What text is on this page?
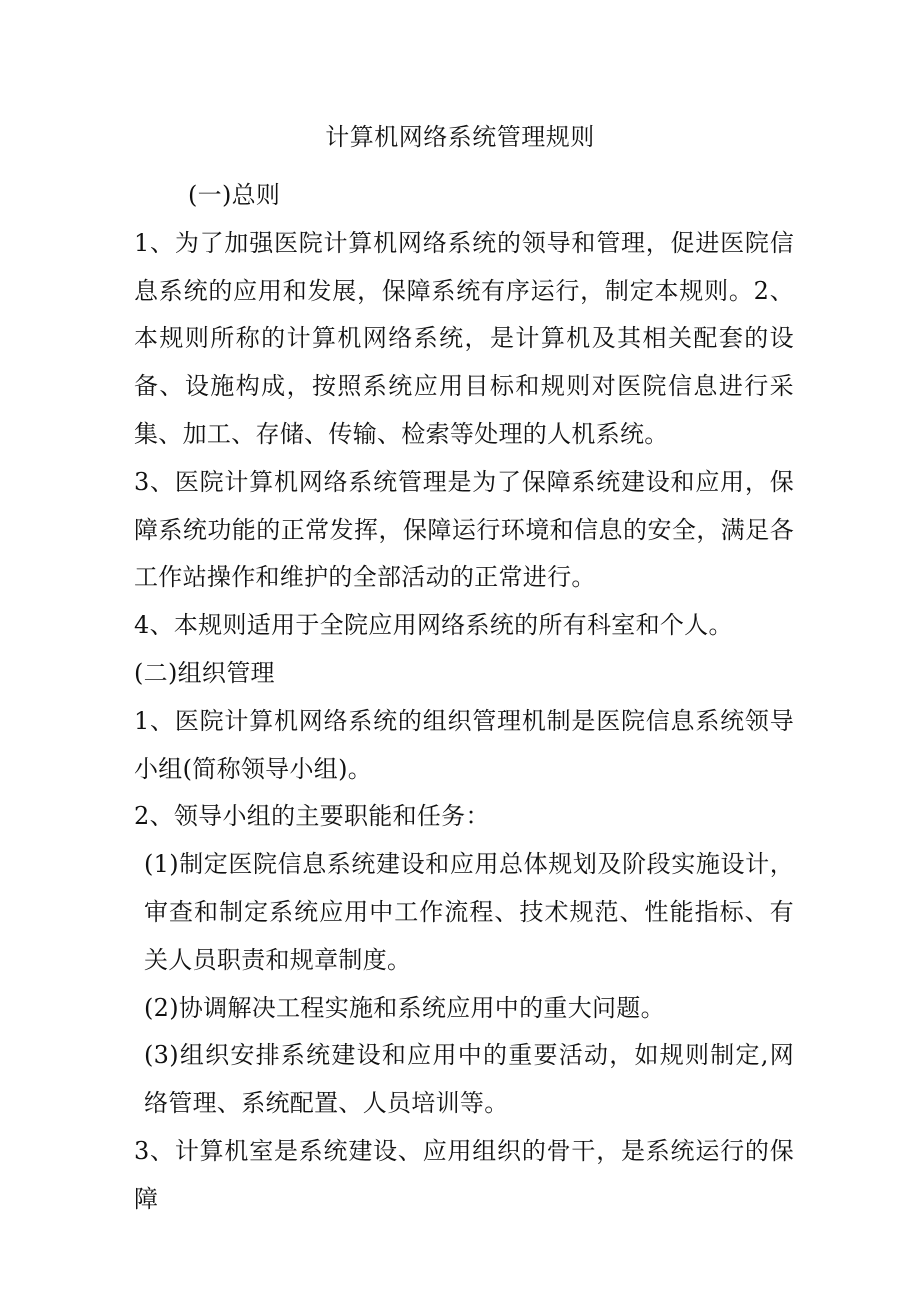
计算机网络系统管理规则

(一)总则

1、为了加强医院计算机网络系统的领导和管理，促进医院信息系统的应用和发展，保障系统有序运行，制定本规则。2、本规则所称的计算机网络系统，是计算机及其相关配套的设备、设施构成，按照系统应用目标和规则对医院信息进行采集、加工、存储、传输、检索等处理的人机系统。

3、医院计算机网络系统管理是为了保障系统建设和应用，保障系统功能的正常发挥，保障运行环境和信息的安全，满足各工作站操作和维护的全部活动的正常进行。

4、本规则适用于全院应用网络系统的所有科室和个人。

(二)组织管理

1、医院计算机网络系统的组织管理机制是医院信息系统领导小组(简称领导小组)。

2、领导小组的主要职能和任务：

(1)制定医院信息系统建设和应用总体规划及阶段实施设计，审查和制定系统应用中工作流程、技术规范、性能指标、有关人员职责和规章制度。

(2)协调解决工程实施和系统应用中的重大问题。

(3)组织安排系统建设和应用中的重要活动，如规则制定,网络管理、系统配置、人员培训等。

3、计算机室是系统建设、应用组织的骨干，是系统运行的保障
